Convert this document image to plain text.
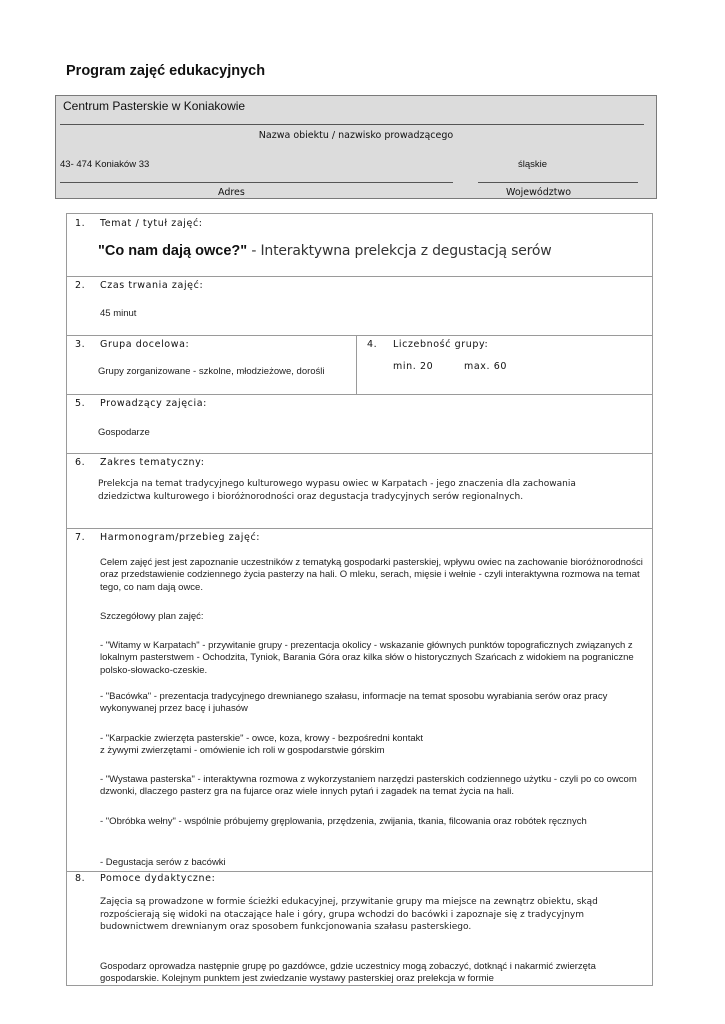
Program zajęć edukacyjnych
Centrum Pasterskie w Koniakowie
Nazwa obiektu / nazwisko prowadzącego
43- 474 Koniaków 33	śląskie
Adres	Województwo
1. Temat / tytuł zajęć:
"Co nam dają owce?" - Interaktywna prelekcja z degustacją serów
2. Czas trwania zajęć:
45 minut
3. Grupa docelowa:
Grupy zorganizowane - szkolne, młodzieżowe, dorośli
4. Liczebność grupy:
min. 20	max. 60
5. Prowadzący zajęcia:
Gospodarze
6. Zakres tematyczny:
Prelekcja na temat tradycyjnego kulturowego wypasu owiec w Karpatach - jego znaczenia dla zachowania dziedzictwa kulturowego i bioróżnorodności oraz degustacja tradycyjnych serów regionalnych.
7. Harmonogram/przebieg zajęć:
Celem zajęć jest jest zapoznanie uczestników z tematyką gospodarki pasterskiej, wpływu owiec na zachowanie bioróżnorodności oraz przedstawienie codziennego życia pasterzy na hali. O mleku, serach, mięsie i wełnie - czyli interaktywna rozmowa na temat tego, co nam dają owce.
Szczegółowy plan zajęć:
- "Witamy w Karpatach" - przywitanie grupy - prezentacja okolicy - wskazanie głównych punktów topograficznych związanych z lokalnym pasterstwem - Ochodzita, Tyniok, Barania Góra oraz kilka słów o historycznych Szańcach z widokiem na pograniczne polsko-słowacko-czeskie.
- "Bacówka" - prezentacja tradycyjnego drewnianego szałasu, informacje na temat sposobu wyrabiania serów oraz pracy wykonywanej przez bacę i juhasów
- "Karpackie zwierzęta pasterskie" - owce, koza, krowy - bezpośredni kontakt
z żywymi zwierzętami - omówienie ich roli w gospodarstwie górskim
- "Wystawa pasterska" - interaktywna rozmowa z wykorzystaniem narzędzi pasterskich codziennego użytku - czyli po co owcom dzwonki, dlaczego pasterz gra na fujarce oraz wiele innych pytań i zagadek na temat życia na hali.
- "Obróbka wełny" - wspólnie próbujemy gręplowania, przędzenia, zwijania, tkania, filcowania oraz robótek ręcznych
- Degustacja serów z bacówki
8. Pomoce dydaktyczne:
Zajęcia są prowadzone w formie ścieżki edukacyjnej, przywitanie grupy ma miejsce na zewnątrz obiektu, skąd rozpościerają się widoki na otaczające hale i góry, grupa wchodzi do bacówki i zapoznaje się z tradycyjnym budownictwem drewnianym oraz sposobem funkcjonowania szałasu pasterskiego.
Gospodarz oprowadza następnie grupę po gazdówce, gdzie uczestnicy mogą zobaczyć, dotknąć i nakarmić zwierzęta gospodarskie. Kolejnym punktem jest zwiedzanie wystawy pasterskiej oraz prelekcja w formie
